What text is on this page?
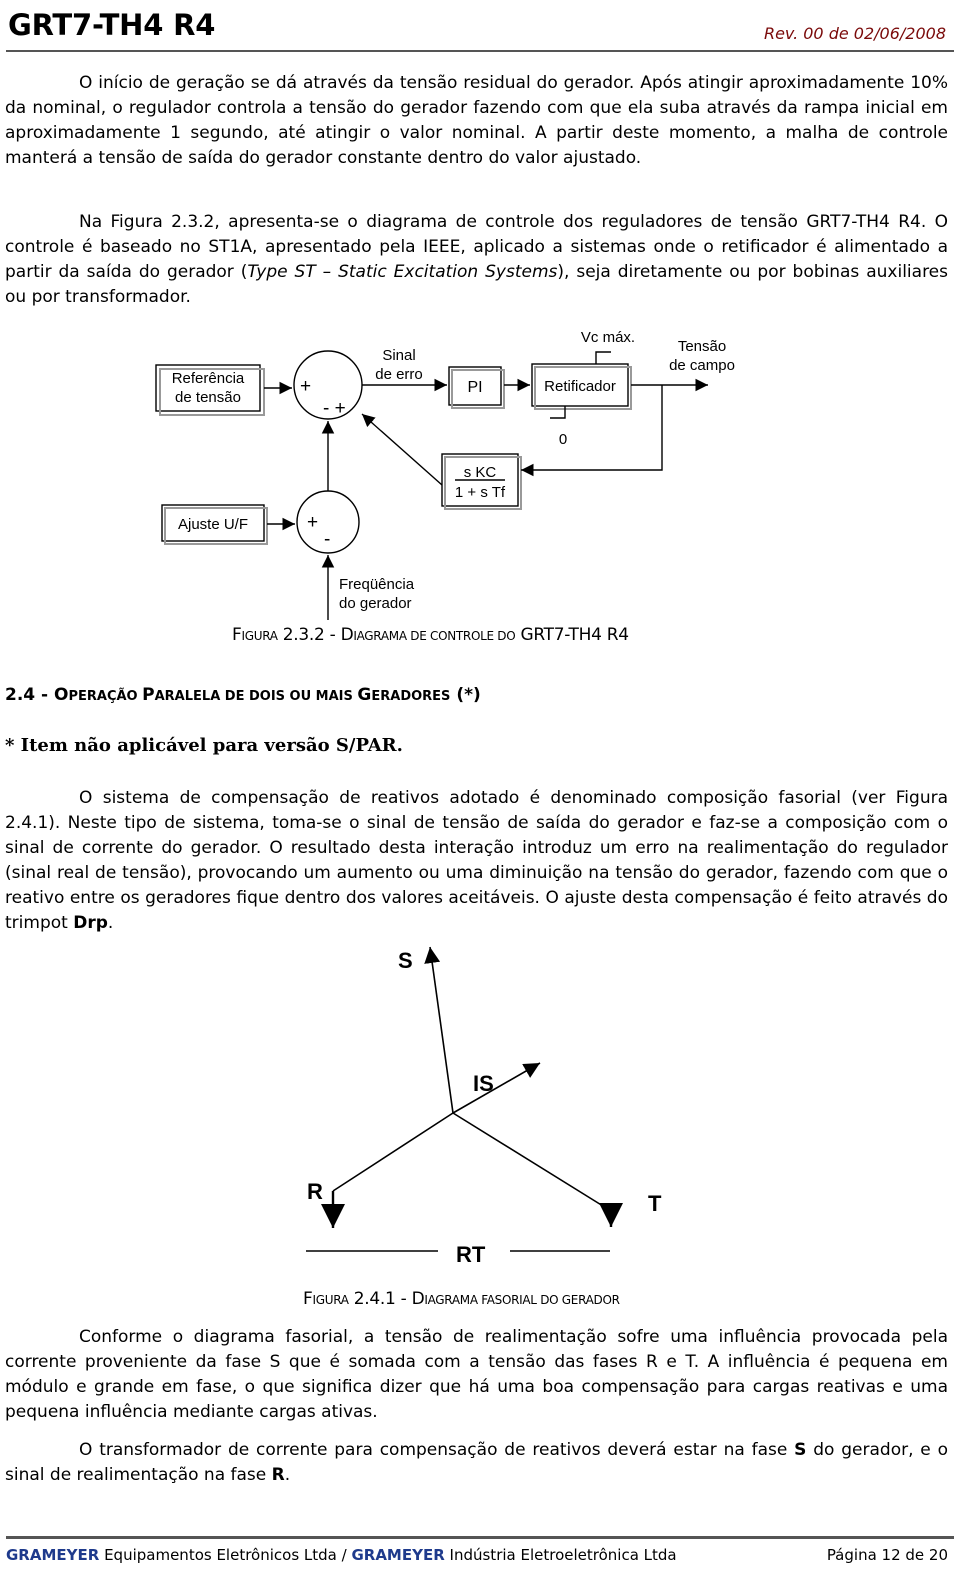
GRT7-TH4 R4	Rev. 00 de 02/06/2008

O início de geração se dá através da tensão residual do gerador. Após atingir aproximadamente 10% da nominal, o regulador controla a tensão do gerador fazendo com que ela suba através da rampa inicial em aproximadamente 1 segundo, até atingir o valor nominal. A partir deste momento, a malha de controle manterá a tensão de saída do gerador constante dentro do valor ajustado.

Na Figura 2.3.2, apresenta-se o diagrama de controle dos reguladores de tensão GRT7-TH4 R4. O controle é baseado no ST1A, apresentado pela IEEE, aplicado a sistemas onde o retificador é alimentado a partir da saída do gerador (Type ST – Static Excitation Systems), seja diretamente ou por bobinas auxiliares ou por transformador.

Referência
de tensão
+
- +
Sinal
de erro
PI	Retificador
Vc máx.
0
Tensão
de campo
s KC
1 + s Tf
Ajuste U/F	+
-
Freqüência
do gerador
FIGURA 2.3.2 - DIAGRAMA DE CONTROLE DO GRT7-TH4 R4
2.4 - OPERAÇÃO PARALELA DE DOIS OU MAIS GERADORES (*)

* Item não aplicável para versão S/PAR.

O sistema de compensação de reativos adotado é denominado composição fasorial (ver Figura 2.4.1). Neste tipo de sistema, toma-se o sinal de tensão de saída do gerador e faz-se a composição com o sinal de corrente do gerador. O resultado desta interação introduz um erro na realimentação do regulador (sinal real de tensão), provocando um aumento ou uma diminuição na tensão do gerador, fazendo com que o reativo entre os geradores fique dentro dos valores aceitáveis. O ajuste desta compensação é feito através do trimpot Drp.

S
IS
R	T
RT
FIGURA 2.4.1 - DIAGRAMA FASORIAL DO GERADOR

Conforme o diagrama fasorial, a tensão de realimentação sofre uma influência provocada pela corrente proveniente da fase S que é somada com a tensão das fases R e T. A influência é pequena em módulo e grande em fase, o que significa dizer que há uma boa compensação para cargas reativas e uma pequena influência mediante cargas ativas.

O transformador de corrente para compensação de reativos deverá estar na fase S do gerador, e o sinal de realimentação na fase R.

GRAMEYER Equipamentos Eletrônicos Ltda / GRAMEYER Indústria Eletroeletrônica Ltda	Página 12 de 20
